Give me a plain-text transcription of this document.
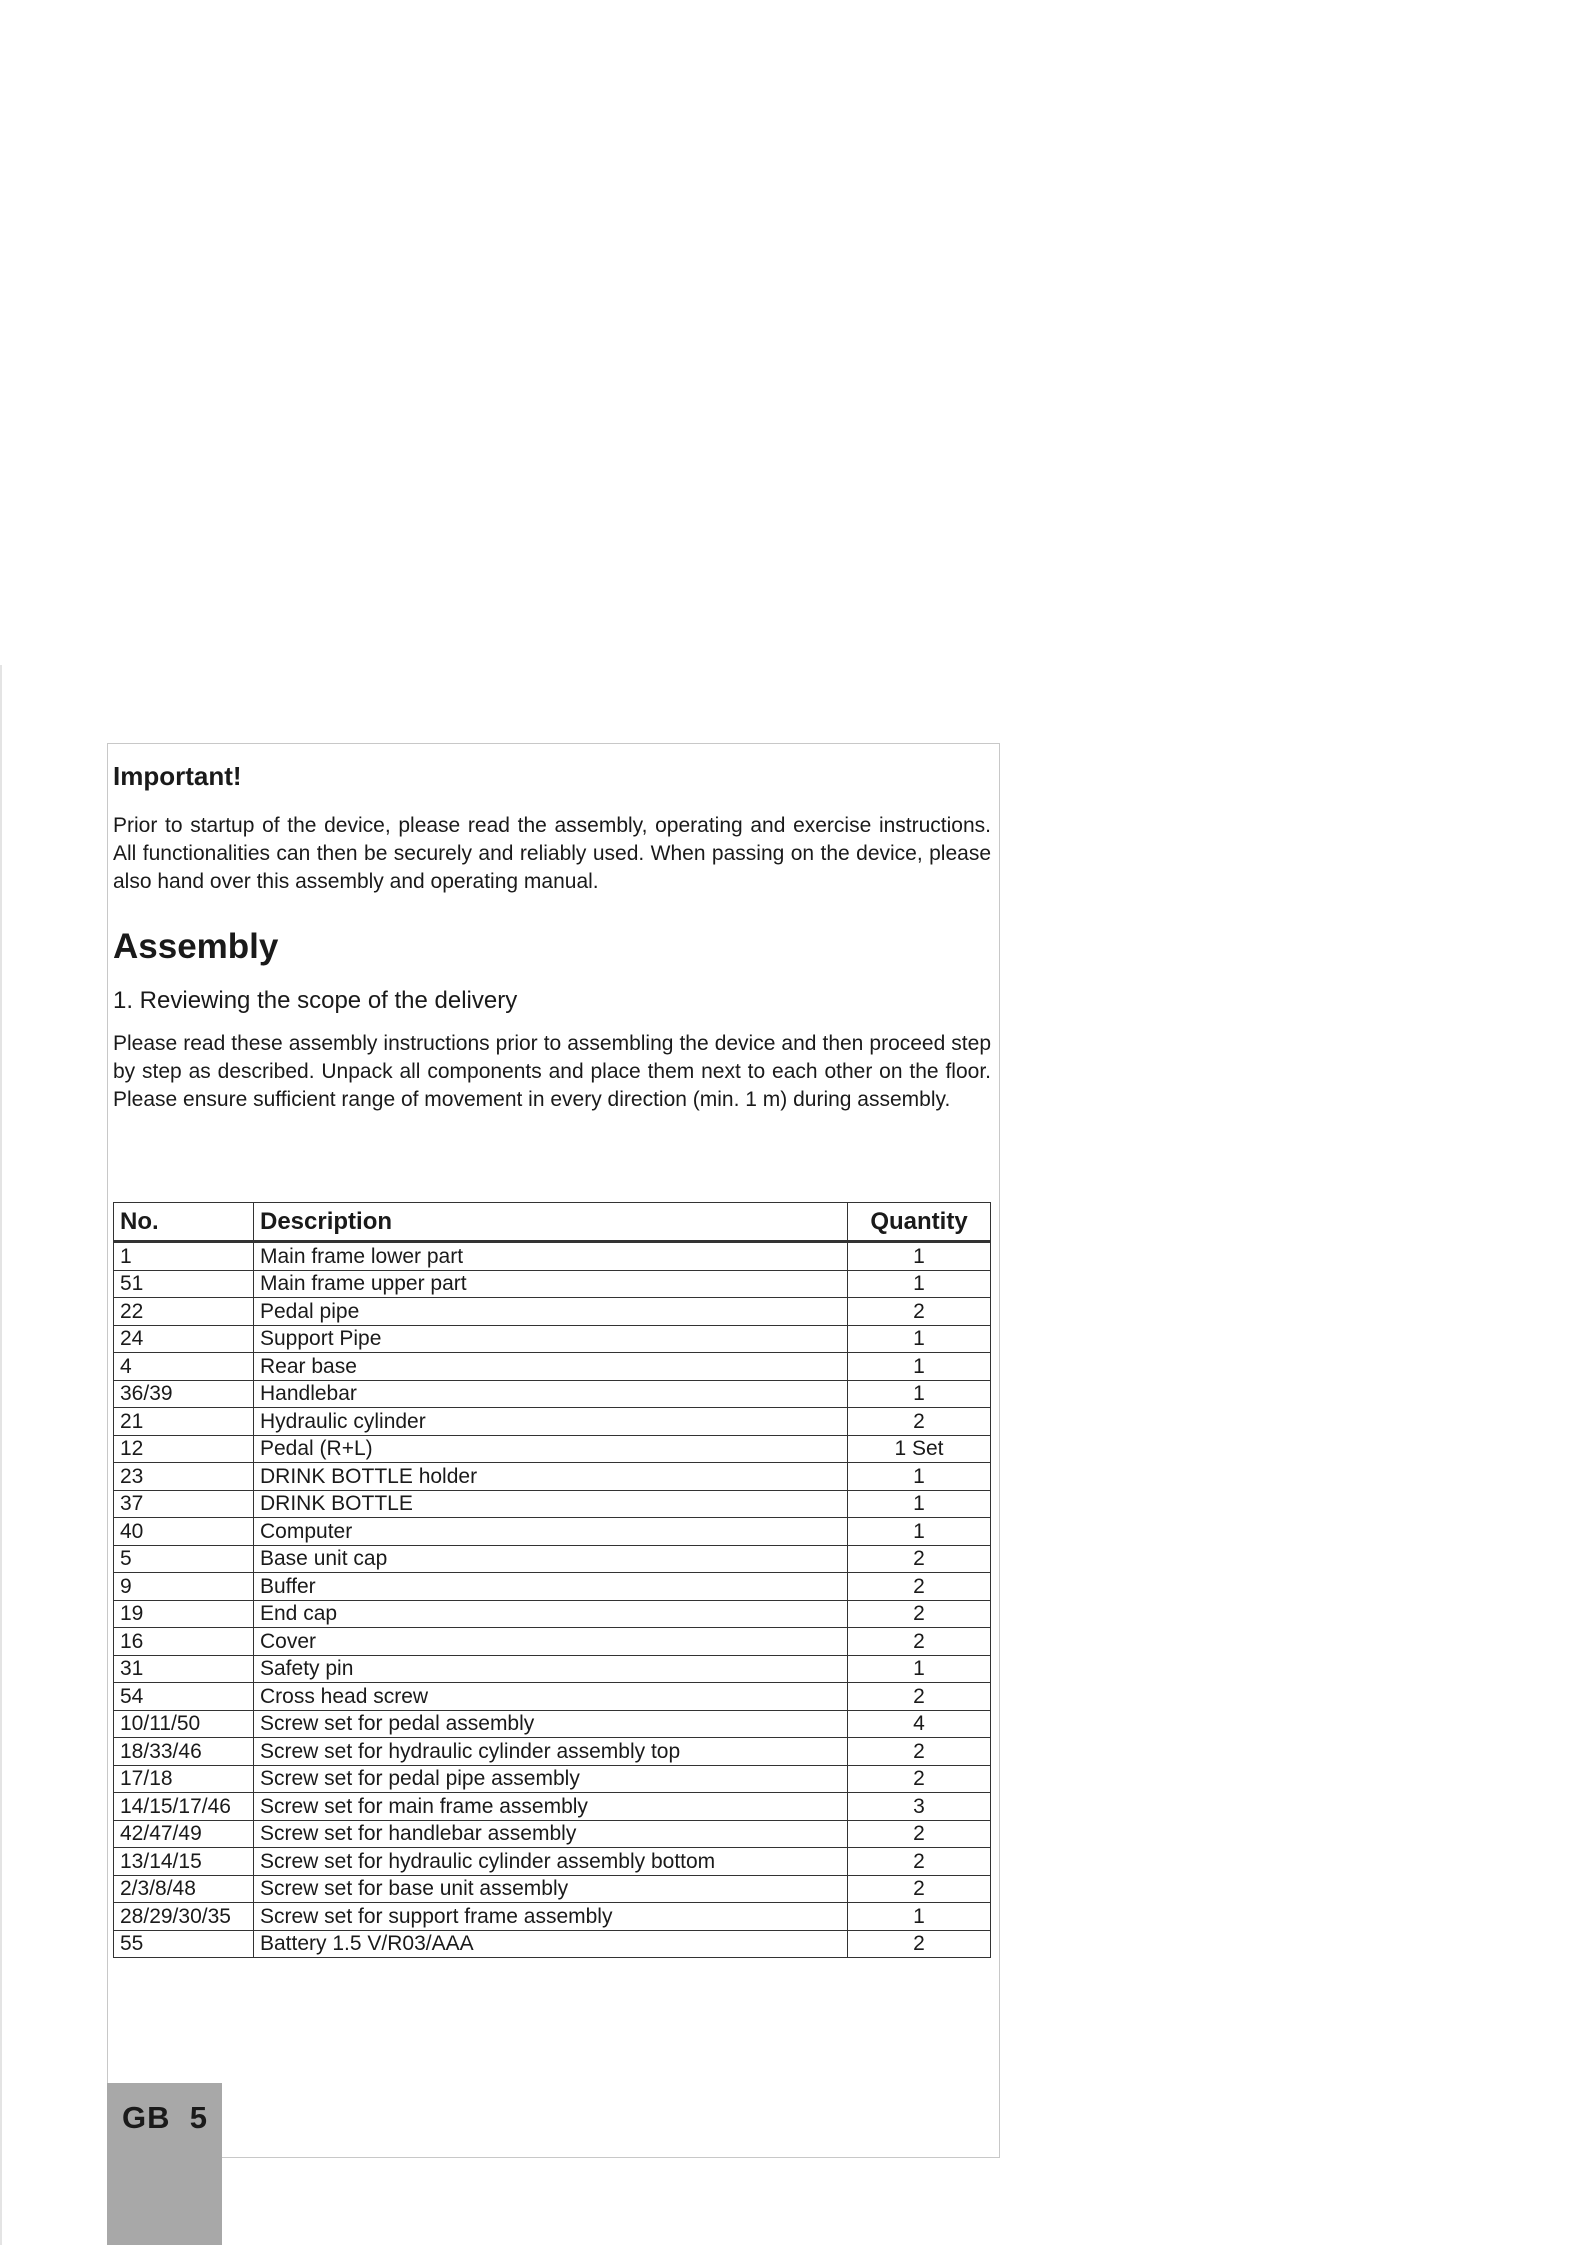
Important!

Prior to startup of the device, please read the assembly, operating and exercise instructions. All functionalities can then be securely and reliably used. When passing on the device, please also hand over this assembly and operating manual.

Assembly
1. Reviewing the scope of the delivery

Please read these assembly instructions prior to assembling the device and then proceed step by step as described. Unpack all components and place them next to each other on the floor. Please ensure sufficient range of movement in every direction (min. 1 m) during assembly.

No.	Description	Quantity
1	Main frame lower part	1
51	Main frame upper part	1
22	Pedal pipe	2
24	Support Pipe	1
4	Rear base	1
36/39	Handlebar	1
21	Hydraulic cylinder	2
12	Pedal (R+L)	1 Set
23	DRINK BOTTLE holder	1
37	DRINK BOTTLE	1
40	Computer	1
5	Base unit cap	2
9	Buffer	2
19	End cap	2
16	Cover	2
31	Safety pin	1
54	Cross head screw	2
10/11/50	Screw set for pedal assembly	4
18/33/46	Screw set for hydraulic cylinder assembly top	2
17/18	Screw set for pedal pipe assembly	2
14/15/17/46	Screw set for main frame assembly	3
42/47/49	Screw set for handlebar assembly	2
13/14/15	Screw set for hydraulic cylinder assembly bottom	2
2/3/8/48	Screw set for base unit assembly	2
28/29/30/35	Screw set for support frame assembly	1
55	Battery 1.5 V/R03/AAA	2
GB  5
